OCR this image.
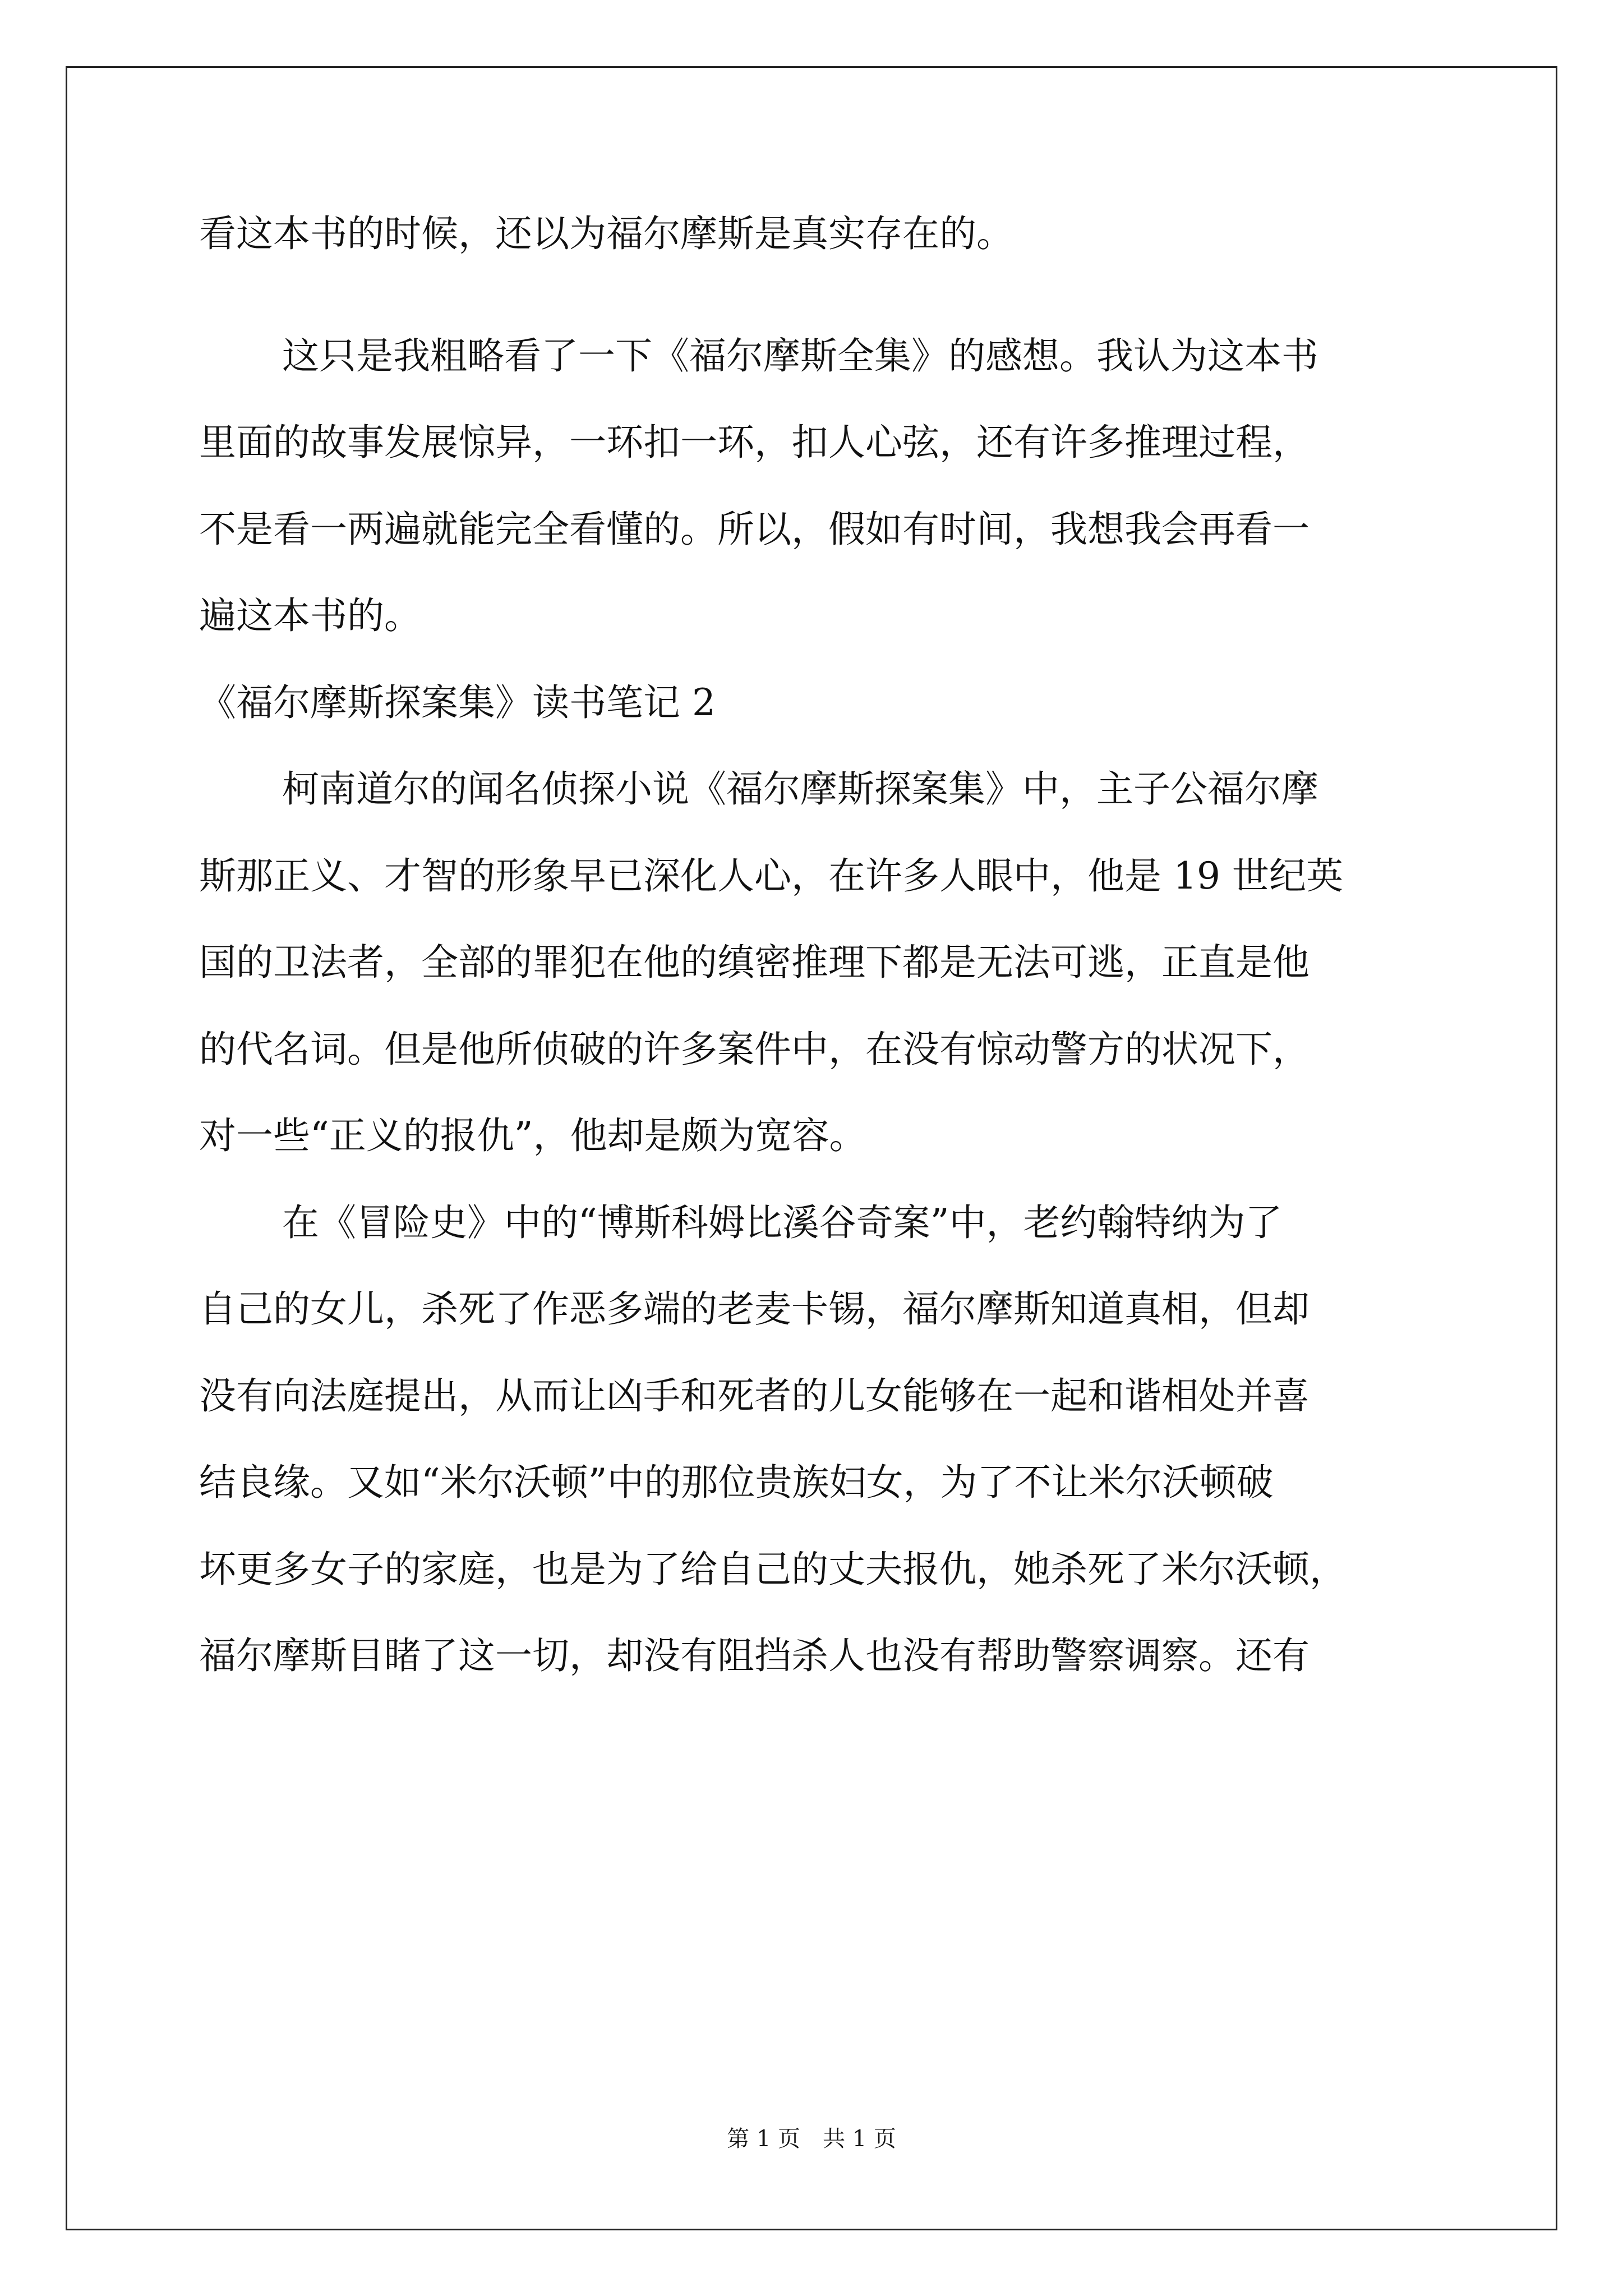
看这本书的时候，还以为福尔摩斯是真实存在的。
这只是我粗略看了一下《福尔摩斯全集》的感想。我认为这本书
里面的故事发展惊异，一环扣一环，扣人心弦，还有许多推理过程，
不是看一两遍就能完全看懂的。所以，假如有时间，我想我会再看一
遍这本书的。
《福尔摩斯探案集》读书笔记 2
柯南道尔的闻名侦探小说《福尔摩斯探案集》中，主子公福尔摩
斯那正义、才智的形象早已深化人心，在许多人眼中，他是 19 世纪英
国的卫法者，全部的罪犯在他的缜密推理下都是无法可逃，正直是他
的代名词。但是他所侦破的许多案件中，在没有惊动警方的状况下，
对一些“正义的报仇”，他却是颇为宽容。
在《冒险史》中的“博斯科姆比溪谷奇案”中，老约翰特纳为了
自己的女儿，杀死了作恶多端的老麦卡锡，福尔摩斯知道真相，但却
没有向法庭提出，从而让凶手和死者的儿女能够在一起和谐相处并喜
结良缘。又如“米尔沃顿”中的那位贵族妇女，为了不让米尔沃顿破
坏更多女子的家庭，也是为了给自己的丈夫报仇，她杀死了米尔沃顿，
福尔摩斯目睹了这一切，却没有阻挡杀人也没有帮助警察调察。还有
第 1 页 共 1 页
